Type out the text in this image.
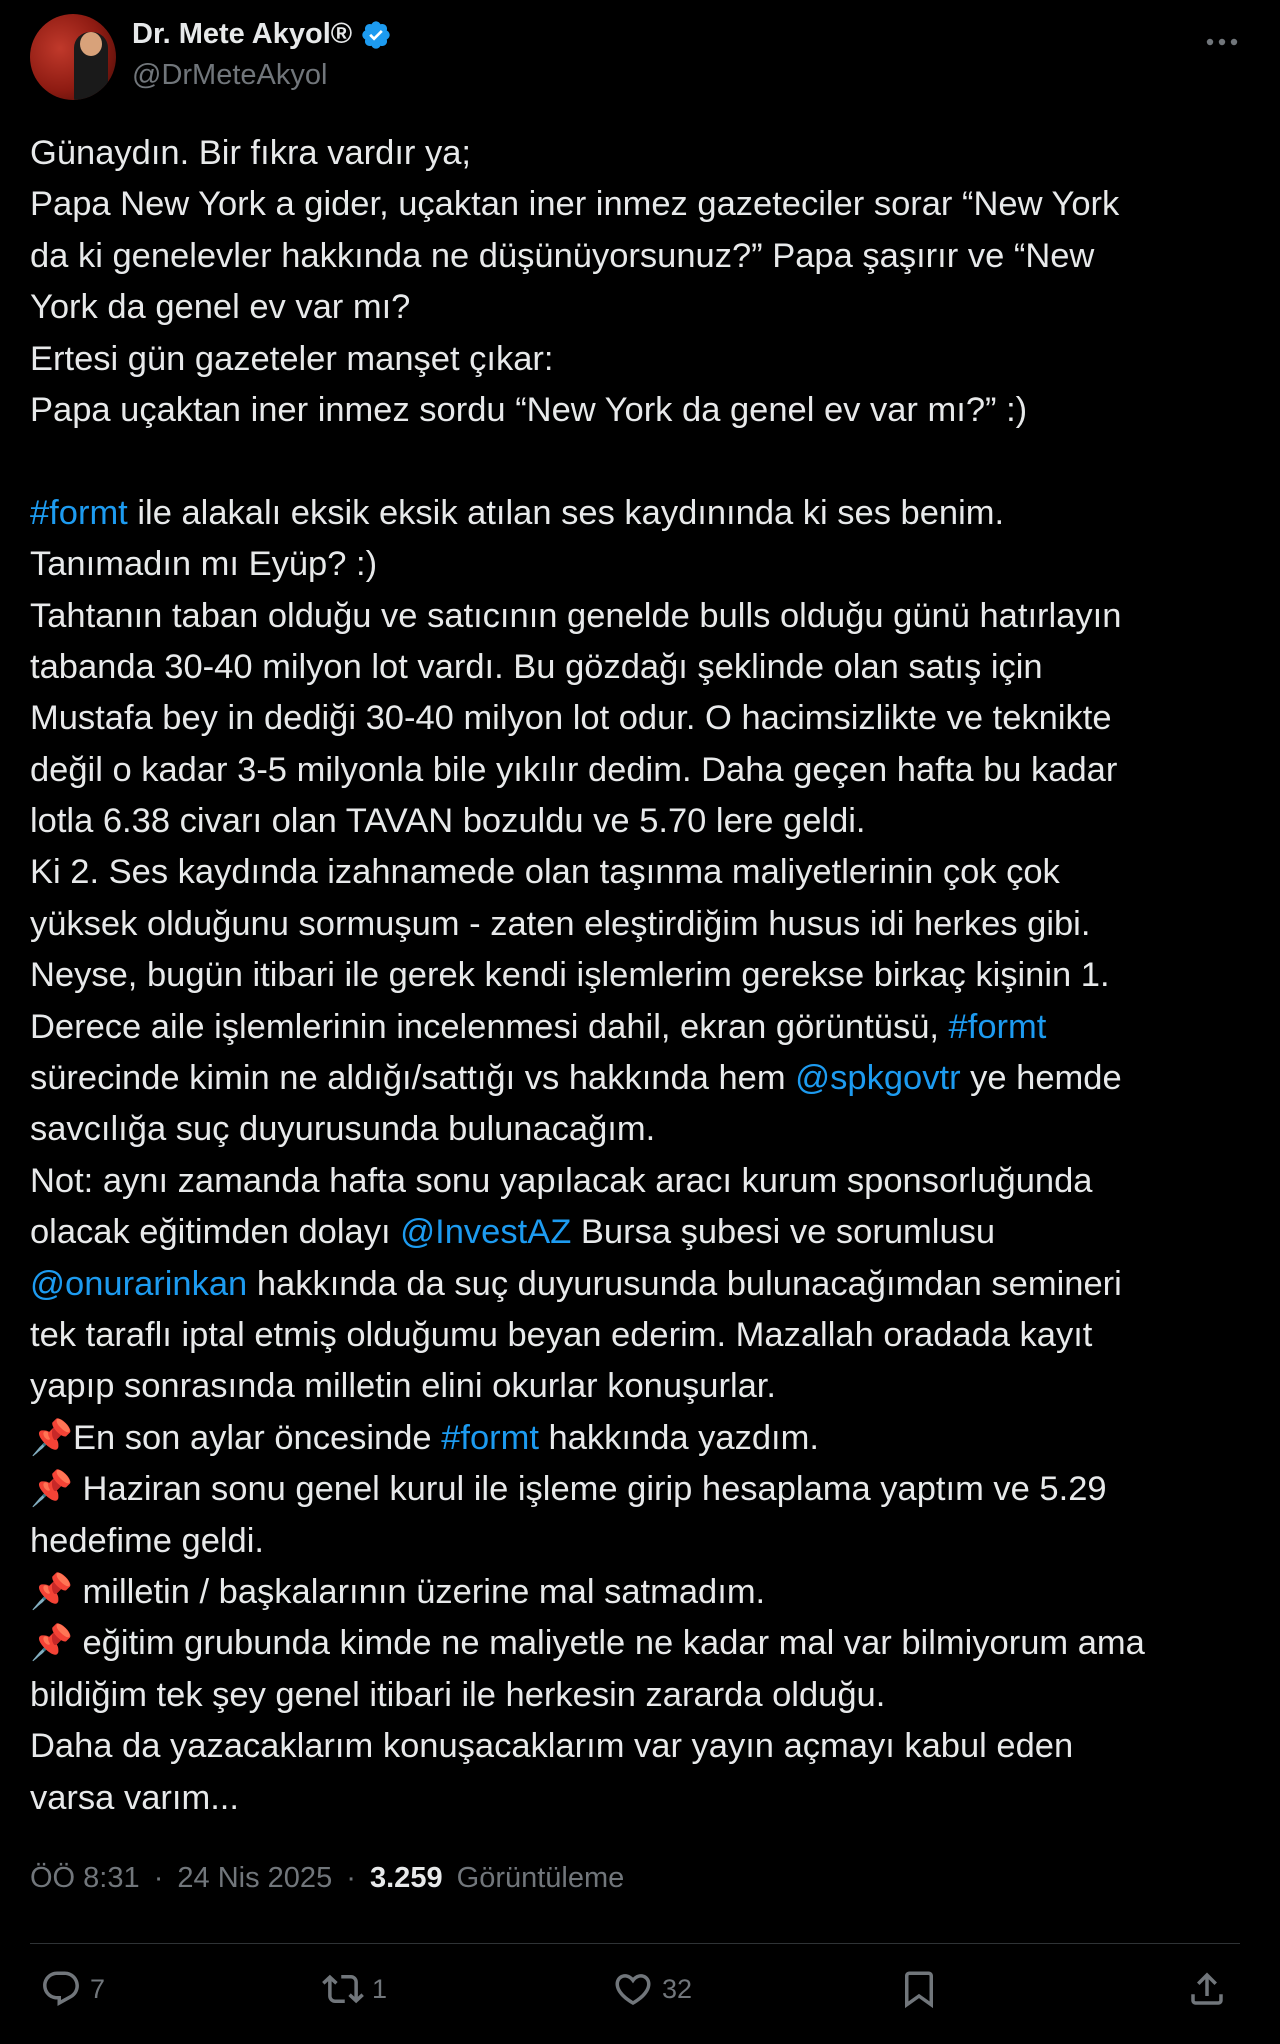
Dr. Mete Akyol®
@DrMeteAkyol
Günaydın. Bir fıkra vardır ya;
Papa New York a gider, uçaktan iner inmez gazeteciler sorar “New York
da ki genelevler hakkında ne düşünüyorsunuz?” Papa şaşırır ve “New
York da genel ev var mı?
Ertesi gün gazeteler manşet çıkar:
Papa uçaktan iner inmez sordu “New York da genel ev var mı?” :)
#formt ile alakalı eksik eksik atılan ses kaydınında ki ses benim.
Tanımadın mı Eyüp? :)
Tahtanın taban olduğu ve satıcının genelde bulls olduğu günü hatırlayın
tabanda 30-40 milyon lot vardı. Bu gözdağı şeklinde olan satış için
Mustafa bey in dediği 30-40 milyon lot odur. O hacimsizlikte ve teknikte
değil o kadar 3-5 milyonla bile yıkılır dedim. Daha geçen hafta bu kadar
lotla 6.38 civarı olan TAVAN bozuldu ve 5.70 lere geldi.
Ki 2. Ses kaydında izahnamede olan taşınma maliyetlerinin çok çok
yüksek olduğunu sormuşum - zaten eleştirdiğim husus idi herkes gibi.
Neyse, bugün itibari ile gerek kendi işlemlerim gerekse birkaç kişinin 1.
Derece aile işlemlerinin incelenmesi dahil, ekran görüntüsü, #formt
sürecinde kimin ne aldığı/sattığı vs hakkında hem @spkgovtr ye hemde
savcılığa suç duyurusunda bulunacağım.
Not: aynı zamanda hafta sonu yapılacak aracı kurum sponsorluğunda
olacak eğitimden dolayı @InvestAZ Bursa şubesi ve sorumlusu
@onurarinkan hakkında da suç duyurusunda bulunacağımdan semineri
tek taraflı iptal etmiş olduğumu beyan ederim. Mazallah oradada kayıt
yapıp sonrasında milletin elini okurlar konuşurlar.
📌En son aylar öncesinde #formt hakkında yazdım.
📌 Haziran sonu genel kurul ile işleme girip hesaplama yaptım ve 5.29
hedefime geldi.
📌 milletin / başkalarının üzerine mal satmadım.
📌 eğitim grubunda kimde ne maliyetle ne kadar mal var bilmiyorum ama
bildiğim tek şey genel itibari ile herkesin zararda olduğu.
Daha da yazacaklarım konuşacaklarım var yayın açmayı kabul eden
varsa varım...
ÖÖ 8:31 · 24 Nis 2025 · 3.259 Görüntüleme
7	1	32
